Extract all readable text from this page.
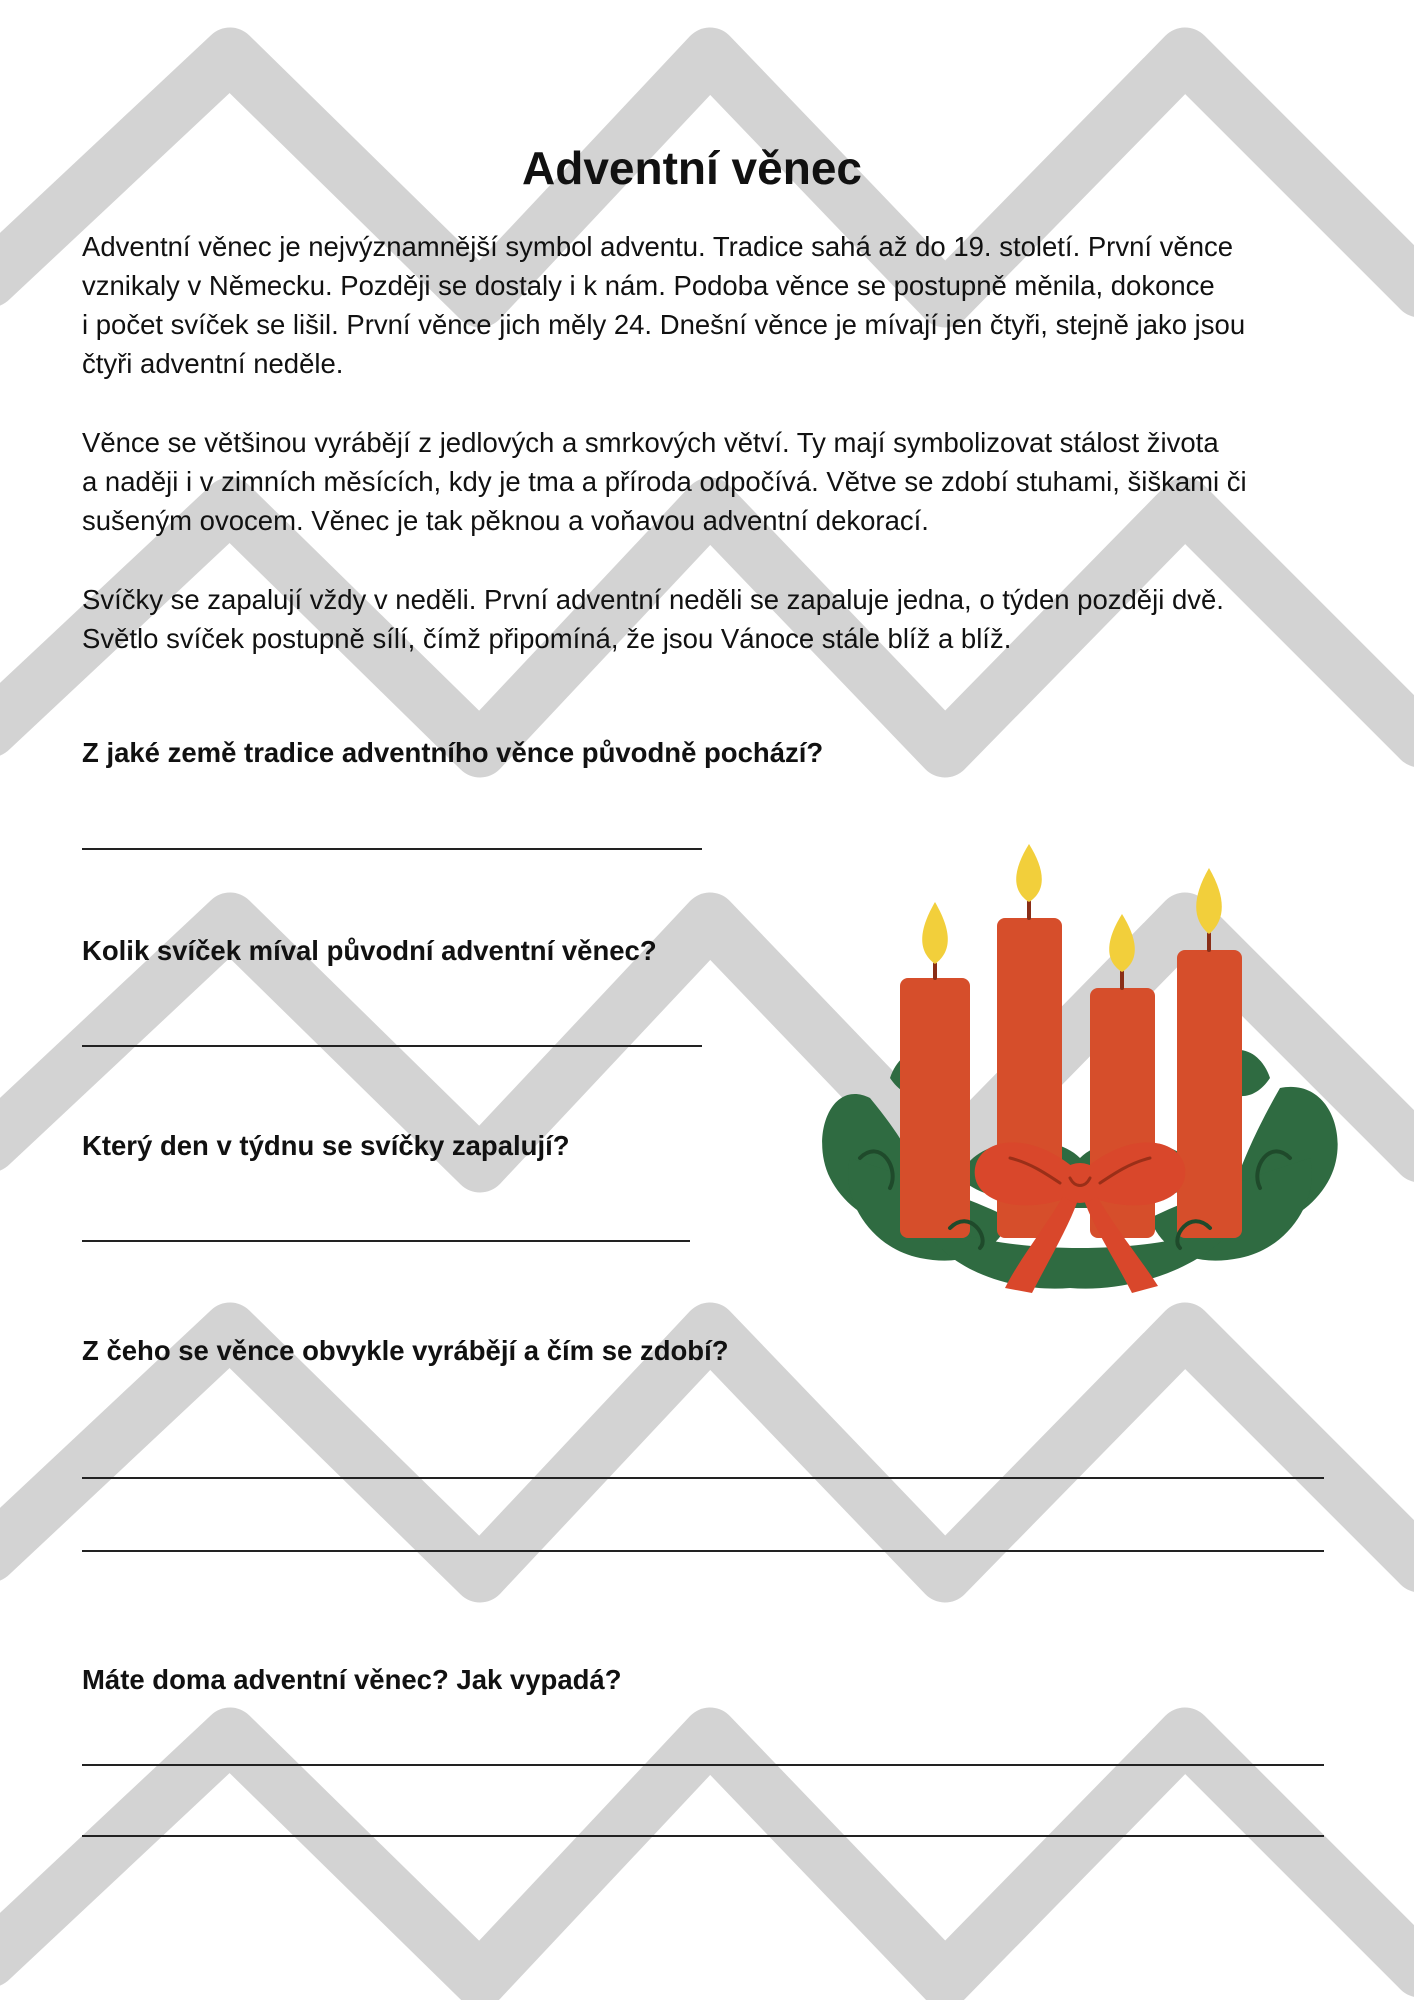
Adventní věnec

Adventní věnec je nejvýznamnější symbol adventu. Tradice sahá až do 19. století. První věnce
vznikaly v Německu. Později se dostaly i k nám. Podoba věnce se postupně měnila, dokonce
i počet svíček se lišil. První věnce jich měly 24. Dnešní věnce je mívají jen čtyři, stejně jako jsou
čtyři adventní neděle.

Věnce se většinou vyrábějí z jedlových a smrkových větví. Ty mají symbolizovat stálost života
a naději i v zimních měsících, kdy je tma a příroda odpočívá. Větve se zdobí stuhami, šiškami či
sušeným ovocem. Věnec je tak pěknou a voňavou adventní dekorací.

Svíčky se zapalují vždy v neděli. První adventní neděli se zapaluje jedna, o týden později dvě.
Světlo svíček postupně sílí, čímž připomíná, že jsou Vánoce stále blíž a blíž.

Z jaké země tradice adventního věnce původně pochází?

Kolik svíček míval původní adventní věnec?

Který den v týdnu se svíčky zapalují?

Z čeho se věnce obvykle vyrábějí a čím se zdobí?

Máte doma adventní věnec? Jak vypadá?
